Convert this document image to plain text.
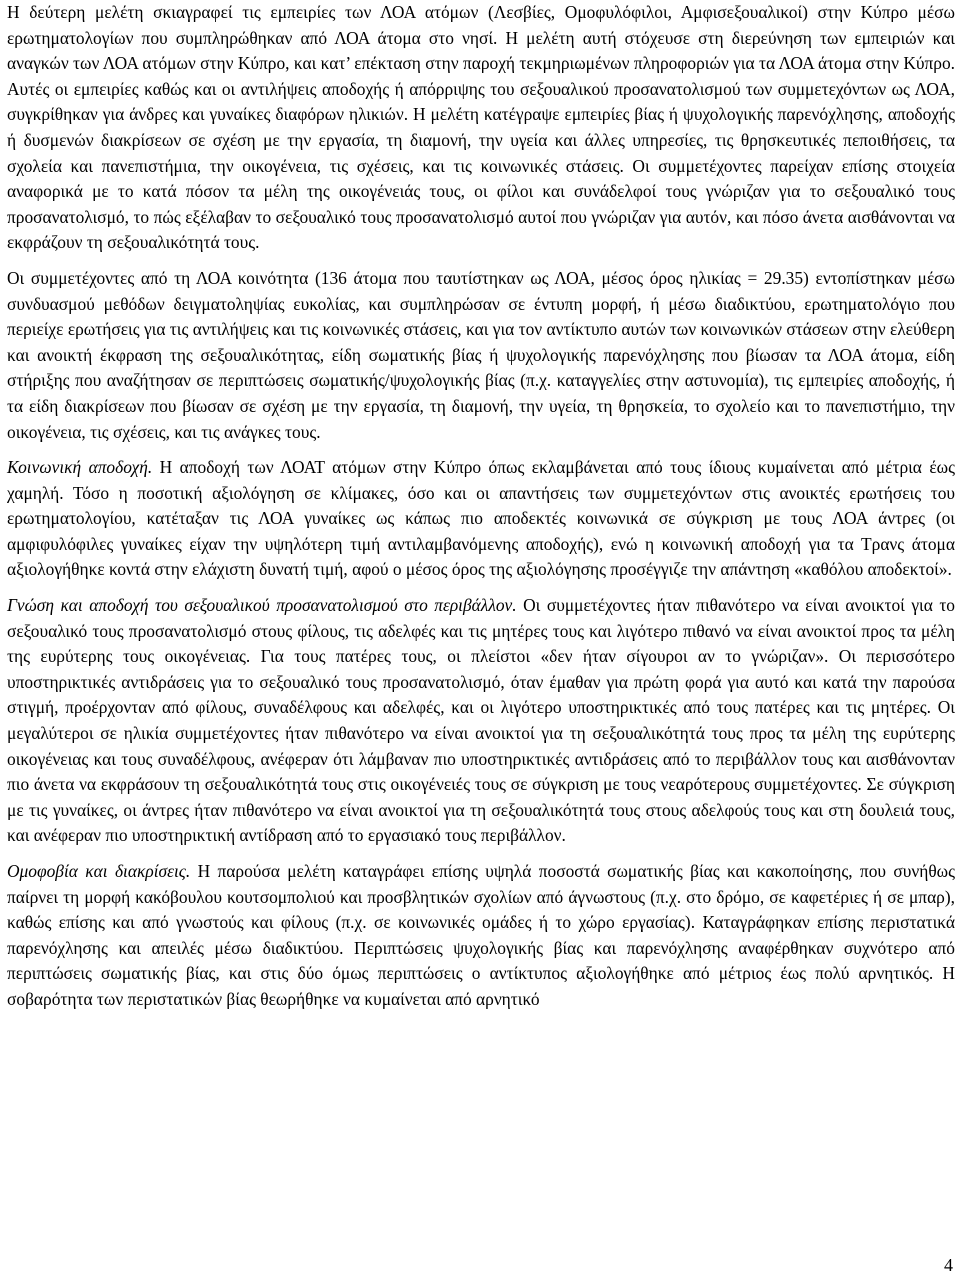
Η δεύτερη μελέτη σκιαγραφεί τις εμπειρίες των ΛΟΑ ατόμων (Λεσβίες, Ομοφυλόφιλοι, Αμφισεξουαλικοί) στην Κύπρο μέσω ερωτηματολογίων που συμπληρώθηκαν από ΛΟΑ άτομα στο νησί. Η μελέτη αυτή στόχευσε στη διερεύνηση των εμπειριών και αναγκών των ΛΟΑ ατόμων στην Κύπρο, και κατ’ επέκταση στην παροχή τεκμηριωμένων πληροφοριών για τα ΛΟΑ άτομα στην Κύπρο. Αυτές οι εμπειρίες καθώς και οι αντιλήψεις αποδοχής ή απόρριψης του σεξουαλικού προσανατολισμού των συμμετεχόντων ως ΛΟΑ, συγκρίθηκαν για άνδρες και γυναίκες διαφόρων ηλικιών. Η μελέτη κατέγραψε εμπειρίες βίας ή ψυχολογικής παρενόχλησης, αποδοχής ή δυσμενών διακρίσεων σε σχέση με την εργασία, τη διαμονή, την υγεία και άλλες υπηρεσίες, τις θρησκευτικές πεποιθήσεις, τα σχολεία και πανεπιστήμια, την οικογένεια, τις σχέσεις, και τις κοινωνικές στάσεις. Οι συμμετέχοντες παρείχαν επίσης στοιχεία αναφορικά με το κατά πόσον τα μέλη της οικογένειάς τους, οι φίλοι και συνάδελφοί τους γνώριζαν για το σεξουαλικό τους προσανατολισμό, το πώς εξέλαβαν το σεξουαλικό τους προσανατολισμό αυτοί που γνώριζαν για αυτόν, και πόσο άνετα αισθάνονται να εκφράζουν τη σεξουαλικότητά τους.

Οι συμμετέχοντες από τη ΛΟΑ κοινότητα (136 άτομα που ταυτίστηκαν ως ΛΟΑ, μέσος όρος ηλικίας = 29.35) εντοπίστηκαν μέσω συνδυασμού μεθόδων δειγματοληψίας ευκολίας, και συμπληρώσαν σε έντυπη μορφή, ή μέσω διαδικτύου, ερωτηματολόγιο που περιείχε ερωτήσεις για τις αντιλήψεις και τις κοινωνικές στάσεις, και για τον αντίκτυπο αυτών των κοινωνικών στάσεων στην ελεύθερη και ανοικτή έκφραση της σεξουαλικότητας, είδη σωματικής βίας ή ψυχολογικής παρενόχλησης που βίωσαν τα ΛΟΑ άτομα, είδη στήριξης που αναζήτησαν σε περιπτώσεις σωματικής/ψυχολογικής βίας (π.χ. καταγγελίες στην αστυνομία), τις εμπειρίες αποδοχής, ή τα είδη διακρίσεων που βίωσαν σε σχέση με την εργασία, τη διαμονή, την υγεία, τη θρησκεία, το σχολείο και το πανεπιστήμιο, την οικογένεια, τις σχέσεις, και τις ανάγκες τους.

Κοινωνική αποδοχή. Η αποδοχή των ΛΟΑΤ ατόμων στην Κύπρο όπως εκλαμβάνεται από τους ίδιους κυμαίνεται από μέτρια έως χαμηλή. Τόσο η ποσοτική αξιολόγηση σε κλίμακες, όσο και οι απαντήσεις των συμμετεχόντων στις ανοικτές ερωτήσεις του ερωτηματολογίου, κατέταξαν τις ΛΟΑ γυναίκες ως κάπως πιο αποδεκτές κοινωνικά σε σύγκριση με τους ΛΟΑ άντρες (οι αμφιφυλόφιλες γυναίκες είχαν την υψηλότερη τιμή αντιλαμβανόμενης αποδοχής), ενώ η κοινωνική αποδοχή για τα Τρανς άτομα αξιολογήθηκε κοντά στην ελάχιστη δυνατή τιμή, αφού ο μέσος όρος της αξιολόγησης προσέγγιζε την απάντηση «καθόλου αποδεκτοί».

Γνώση και αποδοχή του σεξουαλικού προσανατολισμού στο περιβάλλον. Οι συμμετέχοντες ήταν πιθανότερο να είναι ανοικτοί για το σεξουαλικό τους προσανατολισμό στους φίλους, τις αδελφές και τις μητέρες τους και λιγότερο πιθανό να είναι ανοικτοί προς τα μέλη της ευρύτερης τους οικογένειας. Για τους πατέρες τους, οι πλείστοι «δεν ήταν σίγουροι αν το γνώριζαν». Οι περισσότερο υποστηρικτικές αντιδράσεις για το σεξουαλικό τους προσανατολισμό, όταν έμαθαν για πρώτη φορά για αυτό και κατά την παρούσα στιγμή, προέρχονταν από φίλους, συναδέλφους και αδελφές, και οι λιγότερο υποστηρικτικές από τους πατέρες και τις μητέρες. Οι μεγαλύτεροι σε ηλικία συμμετέχοντες ήταν πιθανότερο να είναι ανοικτοί για τη σεξουαλικότητά τους προς τα μέλη της ευρύτερης οικογένειας και τους συναδέλφους, ανέφεραν ότι λάμβαναν πιο υποστηρικτικές αντιδράσεις από το περιβάλλον τους και αισθάνονταν πιο άνετα να εκφράσουν τη σεξουαλικότητά τους στις οικογένειές τους σε σύγκριση με τους νεαρότερους συμμετέχοντες. Σε σύγκριση με τις γυναίκες, οι άντρες ήταν πιθανότερο να είναι ανοικτοί για τη σεξουαλικότητά τους στους αδελφούς τους και στη δουλειά τους, και ανέφεραν πιο υποστηρικτική αντίδραση από το εργασιακό τους περιβάλλον.

Ομοφοβία και διακρίσεις. Η παρούσα μελέτη καταγράφει επίσης υψηλά ποσοστά σωματικής βίας και κακοποίησης, που συνήθως παίρνει τη μορφή κακόβουλου κουτσομπολιού και προσβλητικών σχολίων από άγνωστους (π.χ. στο δρόμο, σε καφετέριες ή σε μπαρ), καθώς επίσης και από γνωστούς και φίλους (π.χ. σε κοινωνικές ομάδες ή το χώρο εργασίας). Καταγράφηκαν επίσης περιστατικά παρενόχλησης και απειλές μέσω διαδικτύου. Περιπτώσεις ψυχολογικής βίας και παρενόχλησης αναφέρθηκαν συχνότερο από περιπτώσεις σωματικής βίας, και στις δύο όμως περιπτώσεις ο αντίκτυπος αξιολογήθηκε από μέτριος έως πολύ αρνητικός. Η σοβαρότητα των περιστατικών βίας θεωρήθηκε να κυμαίνεται από αρνητικό

4
